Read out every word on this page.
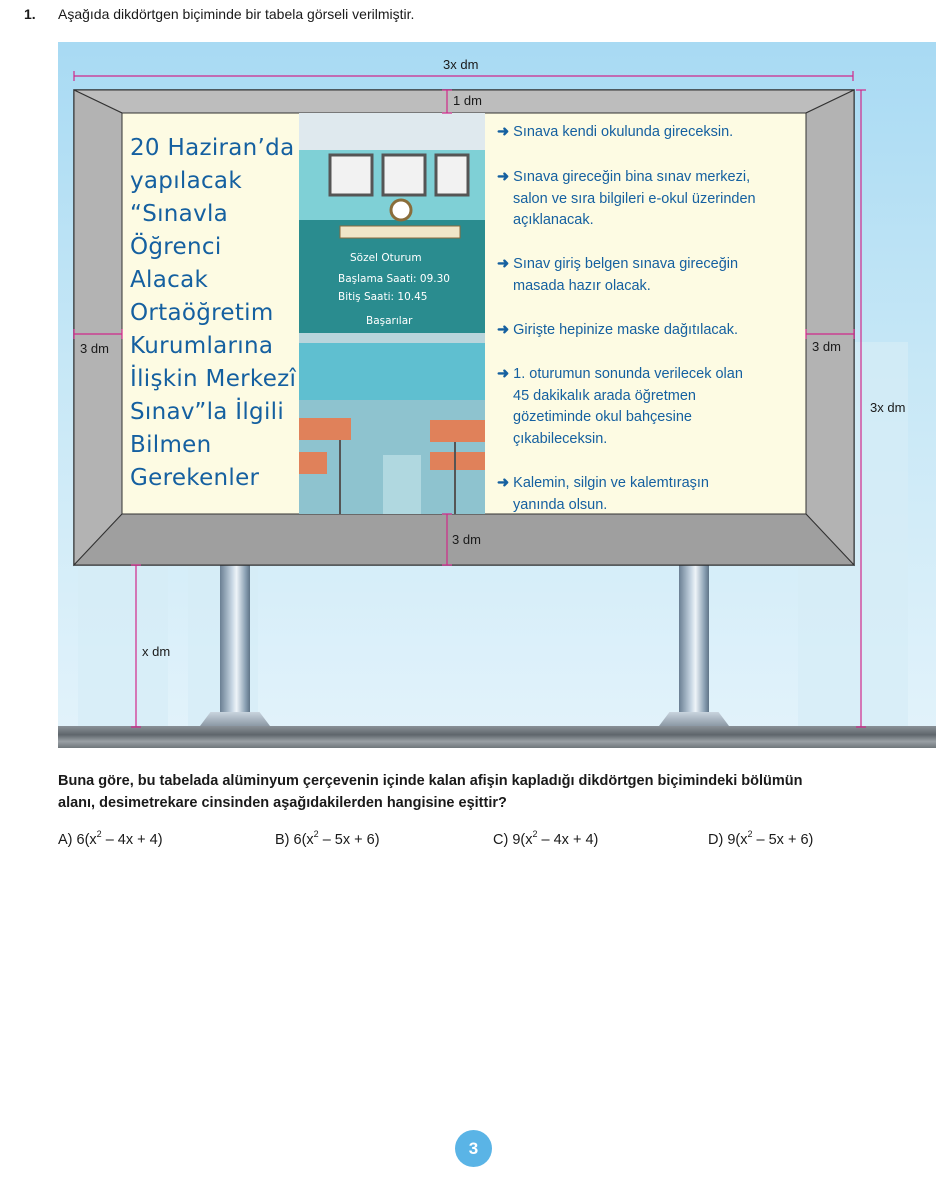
1. Aşağıda dikdörtgen biçiminde bir tabela görseli verilmiştir.
Sözel Oturum
Başlama Saati: 09.30
Bitiş Saati: 10.45
Başarılar
3x dm
1 dm
3 dm	3 dm
3 dm
3x dm
x dm
20 Haziran’da
yapılacak
“Sınavla
Öğrenci
Alacak
Ortaöğretim
Kurumlarına
İlişkin Merkezî
Sınav”la İlgili
Bilmen
Gerekenler
➜ Sınava kendi okulunda gireceksin.
➜ Sınava gireceğin bina sınav merkezi,
salon ve sıra bilgileri e-okul üzerinden
açıklanacak.
➜ Sınav giriş belgen sınava gireceğin
masada hazır olacak.
➜ Girişte hepinize maske dağıtılacak.
➜ 1. oturumun sonunda verilecek olan
45 dakikalık arada öğretmen
gözetiminde okul bahçesine
çıkabileceksin.
➜ Kalemin, silgin ve kalemtıraşın
yanında olsun.
Buna göre, bu tabelada alüminyum çerçevenin içinde kalan afişin kapladığı dikdörtgen biçimindeki bölümün
alanı, desimetrekare cinsinden aşağıdakilerden hangisine eşittir?
A) $6(x^2 - 4x + 4)$	B) $6(x^2 - 5x + 6)$	C) $9(x^2 - 4x + 4)$	D) $9(x^2 - 5x + 6)$
3
